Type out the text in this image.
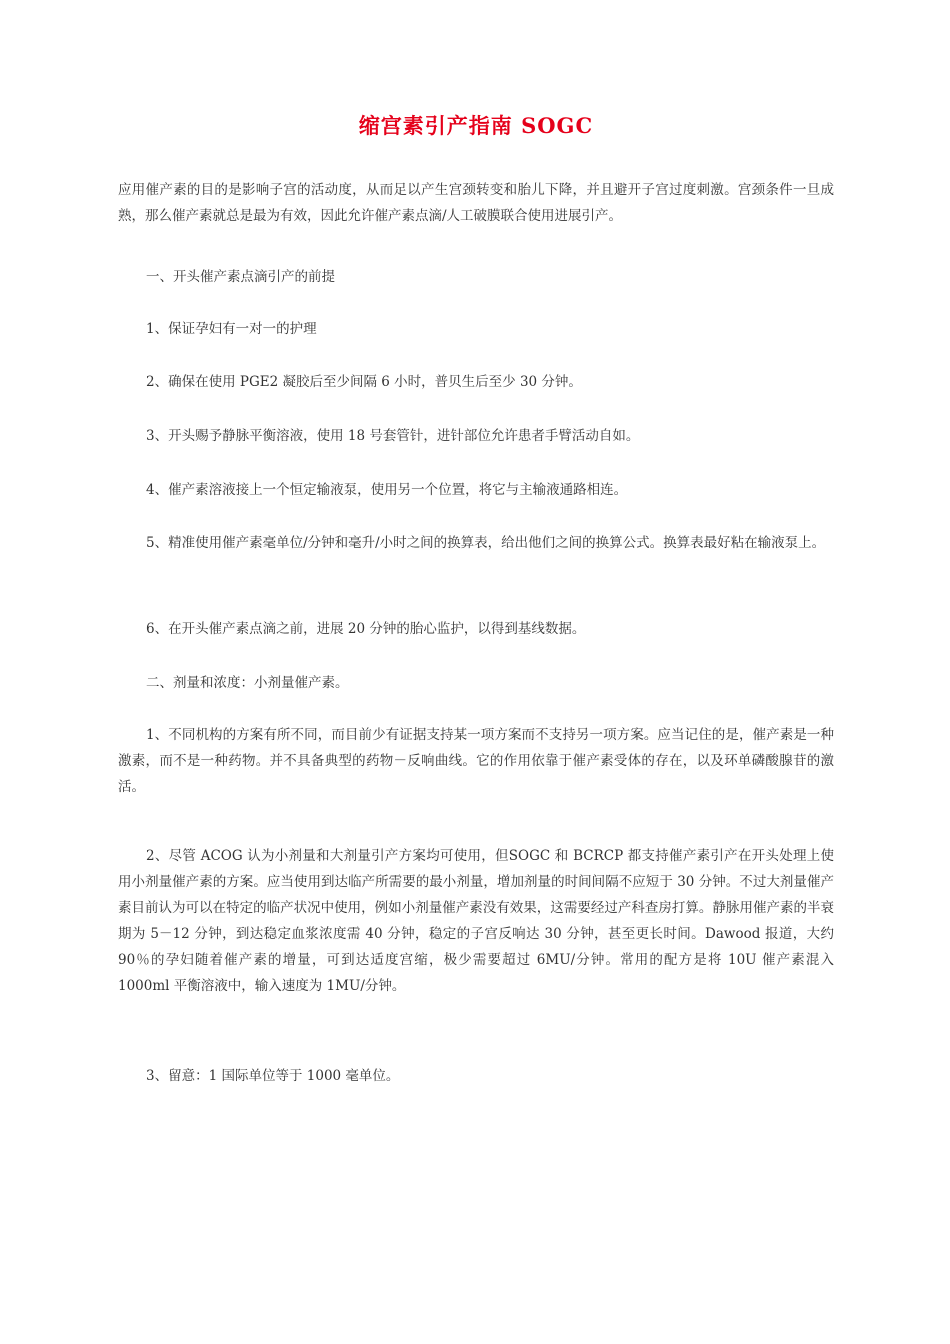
缩宫素引产指南 SOGC

应用催产素的目的是影响子宫的活动度，从而足以产生宫颈转变和胎儿下降，并且避开子宫过度刺激。宫颈条件一旦成熟，那么催产素就总是最为有效，因此允许催产素点滴/人工破膜联合使用进展引产。

一、开头催产素点滴引产的前提

1、保证孕妇有一对一的护理

2、确保在使用 PGE2 凝胶后至少间隔 6 小时，普贝生后至少 30 分钟。

3、开头赐予静脉平衡溶液，使用 18 号套管针，进针部位允许患者手臂活动自如。

4、催产素溶液接上一个恒定输液泵，使用另一个位置，将它与主输液通路相连。

5、精准使用催产素毫单位/分钟和毫升/小时之间的换算表，给出他们之间的换算公式。换算表最好粘在输液泵上。

6、在开头催产素点滴之前，进展 20 分钟的胎心监护，以得到基线数据。

二、剂量和浓度：小剂量催产素。

1、不同机构的方案有所不同，而目前少有证据支持某一项方案而不支持另一项方案。应当记住的是，催产素是一种激素，而不是一种药物。并不具备典型的药物－反响曲线。它的作用依靠于催产素受体的存在，以及环单磷酸腺苷的激活。

2、尽管 ACOG 认为小剂量和大剂量引产方案均可使用，但SOGC 和 BCRCP 都支持催产素引产在开头处理上使用小剂量催产素的方案。应当使用到达临产所需要的最小剂量，增加剂量的时间间隔不应短于 30 分钟。不过大剂量催产素目前认为可以在特定的临产状况中使用，例如小剂量催产素没有效果，这需要经过产科查房打算。静脉用催产素的半衰期为 5－12 分钟，到达稳定血浆浓度需 40 分钟，稳定的子宫反响达 30 分钟，甚至更长时间。Dawood 报道，大约 90％的孕妇随着催产素的增量，可到达适度宫缩，极少需要超过 6MU/分钟。常用的配方是将 10U 催产素混入 1000ml 平衡溶液中，输入速度为 1MU/分钟。

3、留意：1 国际单位等于 1000 毫单位。
